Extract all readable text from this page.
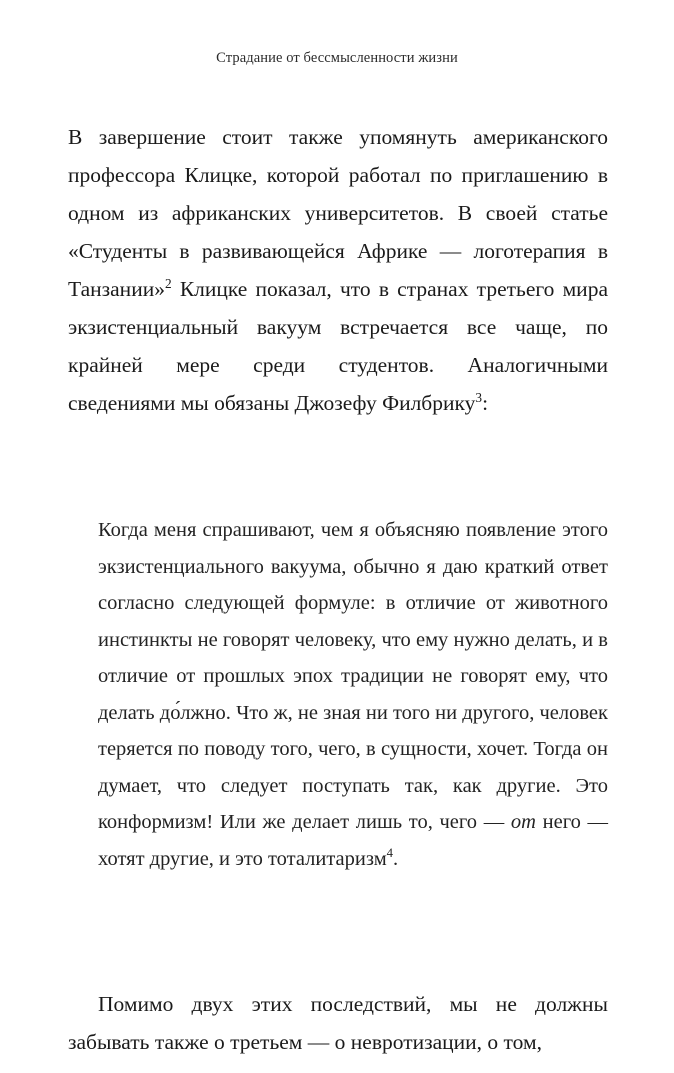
Страдание от бессмысленности жизни

В завершение стоит также упомянуть американского профессора Клицке, которой работал по приглашению в одном из африканских университетов. В своей статье «Студенты в развивающейся Африке — логотерапия в Танзании»$^2$ Клицке показал, что в странах третьего мира экзистенциальный вакуум встречается все чаще, по крайней мере среди студентов. Аналогичными сведениями мы обязаны Джозефу Филбрику$^3$:

Когда меня спрашивают, чем я объясняю появление этого экзистенциального вакуума, обычно я даю краткий ответ согласно следующей формуле: в отличие от животного инстинкты не говорят человеку, что ему нужно делать, и в отличие от прошлых эпох традиции не говорят ему, что делать до́лжно. Что ж, не зная ни того ни другого, человек теряется по поводу того, чего, в сущности, хочет. Тогда он думает, что следует поступать так, как другие. Это конформизм! Или же делает лишь то, чего — от него — хотят другие, и это тоталитаризм$^4$.

Помимо двух этих последствий, мы не должны забывать также о третьем — о невротизации, о том,
